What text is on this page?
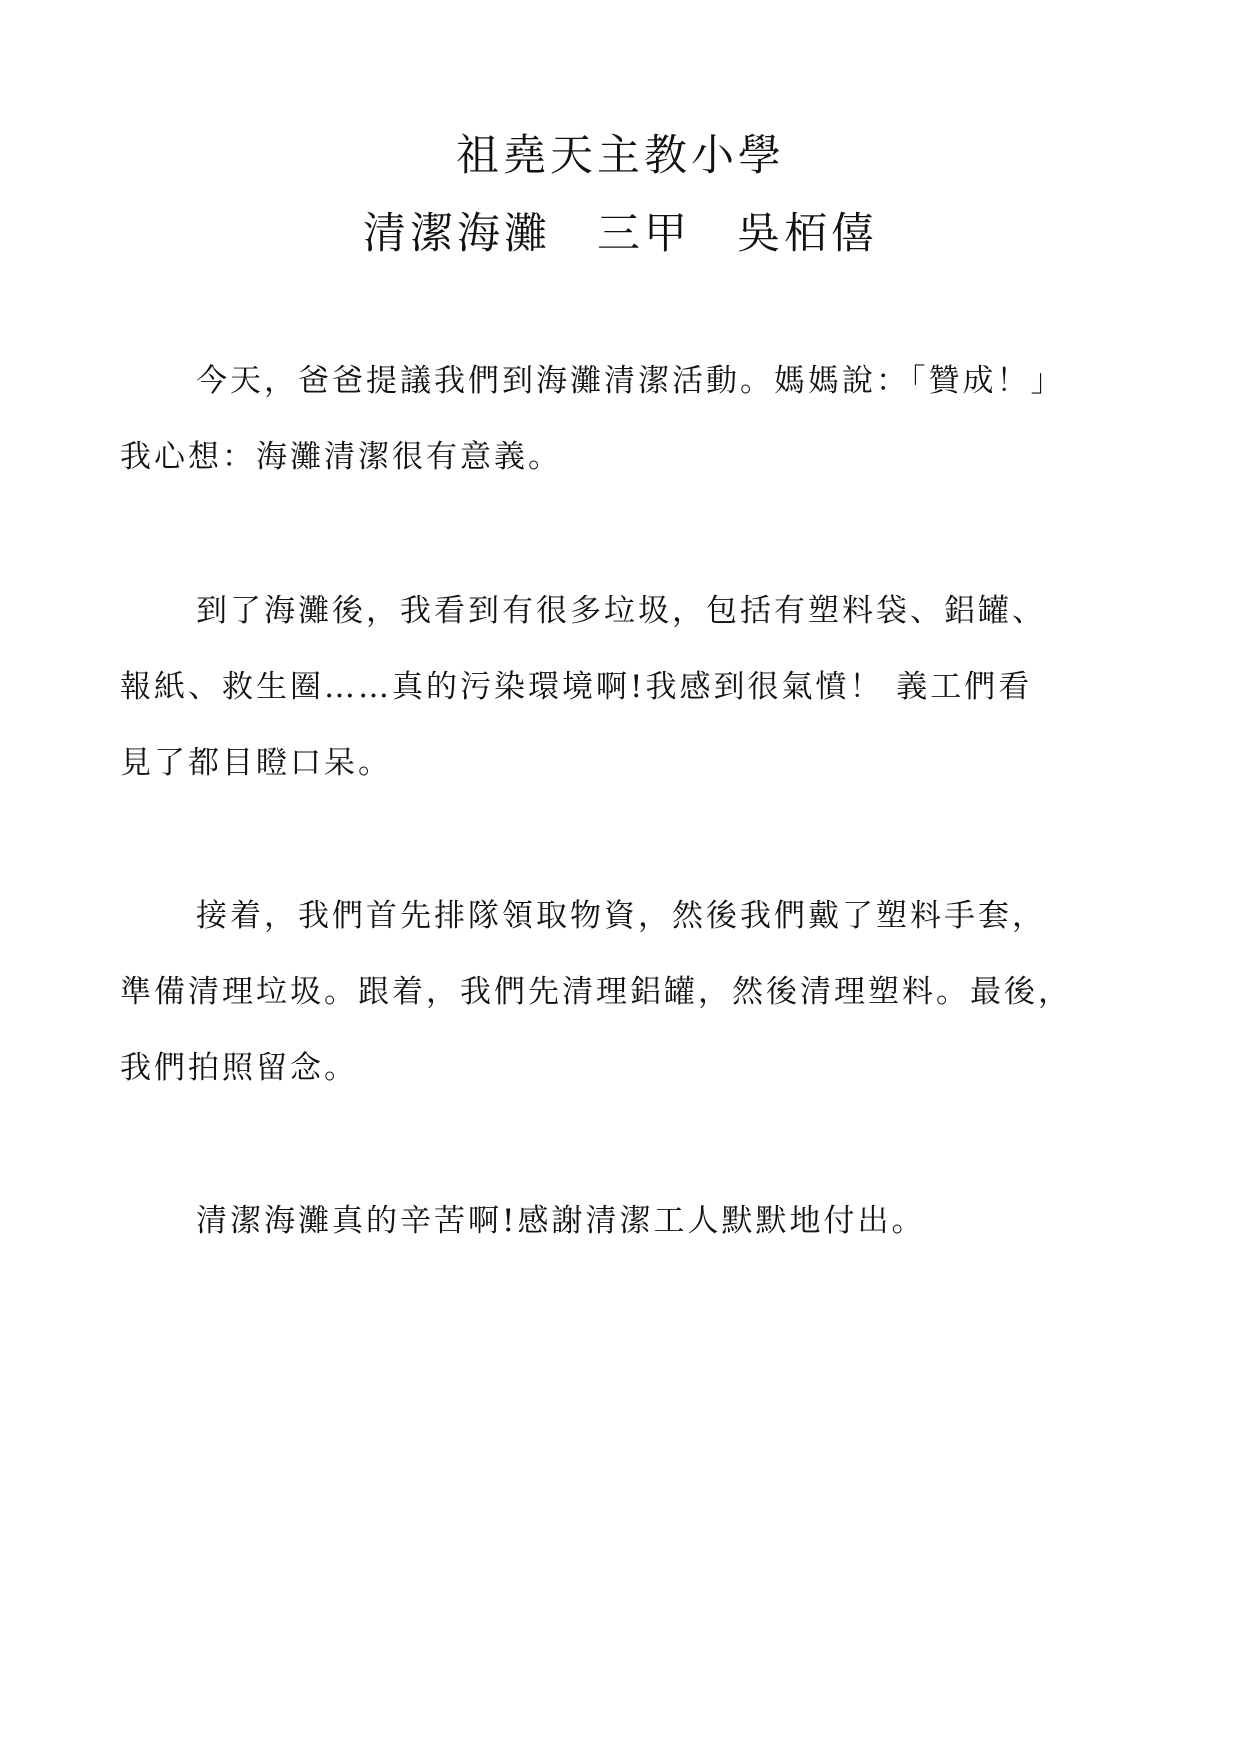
祖堯天主教小學
清潔海灘 三甲 吳栢僖
今天，爸爸提議我們到海灘清潔活動。媽媽說：「贊成！」
我心想：海灘清潔很有意義。
到了海灘後，我看到有很多垃圾，包括有塑料袋、鋁罐、
報紙、救生圈……真的污染環境啊!我感到很氣憤！ 義工們看
見了都目瞪口呆。
接着，我們首先排隊領取物資，然後我們戴了塑料手套，
準備清理垃圾。跟着，我們先清理鋁罐，然後清理塑料。最後，
我們拍照留念。
清潔海灘真的辛苦啊!感謝清潔工人默默地付出。
